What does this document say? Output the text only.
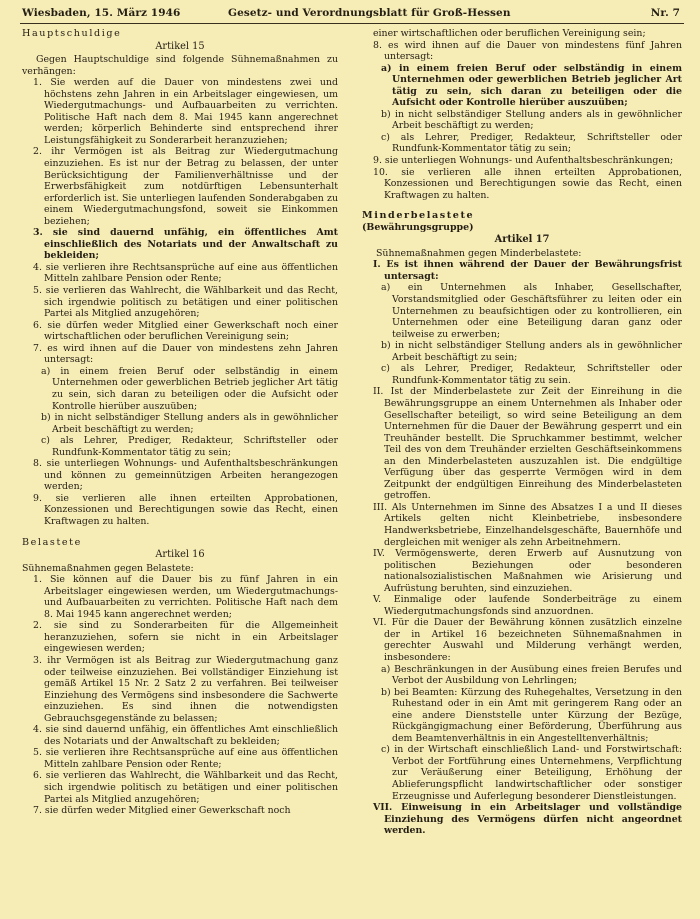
Wiesbaden, 15. März 1946	Gesetz- und Verordnungsblatt für Groß-Hessen	Nr. 7

Hauptschuldige

Artikel 15

Gegen Hauptschuldige sind folgende Sühnemaßnahmen zu verhängen:

1. Sie werden auf die Dauer von mindestens zwei und höchstens zehn Jahren in ein Arbeitslager eingewiesen, um Wiedergutmachungs- und Aufbauarbeiten zu verrichten. Politische Haft nach dem 8. Mai 1945 kann angerechnet werden; körperlich Behinderte sind entsprechend ihrer Leistungsfähigkeit zu Sonderarbeit heranzuziehen;

2. ihr Vermögen ist als Beitrag zur Wiedergutmachung einzuziehen. Es ist nur der Betrag zu belassen, der unter Berücksichtigung der Familienverhältnisse und der Erwerbsfähigkeit zum notdürftigen Lebensunterhalt erforderlich ist. Sie unterliegen laufenden Sonderabgaben zu einem Wiedergutmachungsfond, soweit sie Einkommen beziehen;

3. sie sind dauernd unfähig, ein öffentliches Amt einschließlich des Notariats und der Anwaltschaft zu bekleiden;

4. sie verlieren ihre Rechtsansprüche auf eine aus öffentlichen Mitteln zahlbare Pension oder Rente;

5. sie verlieren das Wahlrecht, die Wählbarkeit und das Recht, sich irgendwie politisch zu betätigen und einer politischen Partei als Mitglied anzugehören;

6. sie dürfen weder Mitglied einer Gewerkschaft noch einer wirtschaftlichen oder beruflichen Vereinigung sein;

7. es wird ihnen auf die Dauer von mindestens zehn Jahren untersagt:

a) in einem freien Beruf oder selbständig in einem Unternehmen oder gewerblichen Betrieb jeglicher Art tätig zu sein, sich daran zu beteiligen oder die Aufsicht oder Kontrolle hierüber auszuüben;

b) in nicht selbständiger Stellung anders als in gewöhnlicher Arbeit beschäftigt zu werden;

c) als Lehrer, Prediger, Redakteur, Schriftsteller oder Rundfunk-Kommentator tätig zu sein;

8. sie unterliegen Wohnungs- und Aufenthaltsbeschränkungen und können zu gemeinnützigen Arbeiten herangezogen werden;

9. sie verlieren alle ihnen erteilten Approbationen, Konzessionen und Berechtigungen sowie das Recht, einen Kraftwagen zu halten.

Belastete

Artikel 16

Sühnemaßnahmen gegen Belastete:

1. Sie können auf die Dauer bis zu fünf Jahren in ein Arbeitslager eingewiesen werden, um Wiedergutmachungs- und Aufbauarbeiten zu verrichten. Politische Haft nach dem 8. Mai 1945 kann angerechnet werden;

2. sie sind zu Sonderarbeiten für die Allgemeinheit heranzuziehen, sofern sie nicht in ein Arbeitslager eingewiesen werden;

3. ihr Vermögen ist als Beitrag zur Wiedergutmachung ganz oder teilweise einzuziehen. Bei vollständiger Einziehung ist gemäß Artikel 15 Nr. 2 Satz 2 zu verfahren. Bei teilweiser Einziehung des Vermögens sind insbesondere die Sachwerte einzuziehen. Es sind ihnen die notwendigsten Gebrauchsgegenstände zu belassen;

4. sie sind dauernd unfähig, ein öffentliches Amt einschließlich des Notariats und der Anwaltschaft zu bekleiden;

5. sie verlieren ihre Rechtsansprüche auf eine aus öffentlichen Mitteln zahlbare Pension oder Rente;

6. sie verlieren das Wahlrecht, die Wählbarkeit und das Recht, sich irgendwie politisch zu betätigen und einer politischen Partei als Mitglied anzugehören;

7. sie dürfen weder Mitglied einer Gewerkschaft noch

einer wirtschaftlichen oder beruflichen Vereinigung sein;

8. es wird ihnen auf die Dauer von mindestens fünf Jahren untersagt:

a) in einem freien Beruf oder selbständig in einem Unternehmen oder gewerblichen Betrieb jeglicher Art tätig zu sein, sich daran zu beteiligen oder die Aufsicht oder Kontrolle hierüber auszuüben;

b) in nicht selbständiger Stellung anders als in gewöhnlicher Arbeit beschäftigt zu werden;

c) als Lehrer, Prediger, Redakteur, Schriftsteller oder Rundfunk-Kommentator tätig zu sein;

9. sie unterliegen Wohnungs- und Aufenthaltsbeschränkungen;

10. sie verlieren alle ihnen erteilten Approbationen, Konzessionen und Berechtigungen sowie das Recht, einen Kraftwagen zu halten.

Minderbelastete

(Bewährungsgruppe)

Artikel 17

Sühnemaßnahmen gegen Minderbelastete:

I. Es ist ihnen während der Dauer der Bewährungsfrist untersagt:

a) ein Unternehmen als Inhaber, Gesellschafter, Vorstandsmitglied oder Geschäftsführer zu leiten oder ein Unternehmen zu beaufsichtigen oder zu kontrollieren, ein Unternehmen oder eine Beteiligung daran ganz oder teilweise zu erwerben;

b) in nicht selbständiger Stellung anders als in gewöhnlicher Arbeit beschäftigt zu sein;

c) als Lehrer, Prediger, Redakteur, Schriftsteller oder Rundfunk-Kommentator tätig zu sein.

II. Ist der Minderbelastete zur Zeit der Einreihung in die Bewährungsgruppe an einem Unternehmen als Inhaber oder Gesellschafter beteiligt, so wird seine Beteiligung an dem Unternehmen für die Dauer der Bewährung gesperrt und ein Treuhänder bestellt. Die Spruchkammer bestimmt, welcher Teil des von dem Treuhänder erzielten Geschäftseinkommens an den Minderbelasteten auszuzahlen ist. Die endgültige Verfügung über das gesperrte Vermögen wird in dem Zeitpunkt der endgültigen Einreihung des Minderbelasteten getroffen.

III. Als Unternehmen im Sinne des Absatzes I a und II dieses Artikels gelten nicht Kleinbetriebe, insbesondere Handwerksbetriebe, Einzelhandelsgeschäfte, Bauernhöfe und dergleichen mit weniger als zehn Arbeitnehmern.

IV. Vermögenswerte, deren Erwerb auf Ausnutzung von politischen Beziehungen oder besonderen nationalsozialistischen Maßnahmen wie Arisierung und Aufrüstung beruhten, sind einzuziehen.

V. Einmalige oder laufende Sonderbeiträge zu einem Wiedergutmachungsfonds sind anzuordnen.

VI. Für die Dauer der Bewährung können zusätzlich einzelne der in Artikel 16 bezeichneten Sühnemaßnahmen in gerechter Auswahl und Milderung verhängt werden, insbesondere:

a) Beschränkungen in der Ausübung eines freien Berufes und Verbot der Ausbildung von Lehrlingen;

b) bei Beamten: Kürzung des Ruhegehaltes, Versetzung in den Ruhestand oder in ein Amt mit geringerem Rang oder an eine andere Dienststelle unter Kürzung der Bezüge, Rückgängigmachung einer Beförderung, Überführung aus dem Beamtenverhältnis in ein Angestelltenverhältnis;

c) in der Wirtschaft einschließlich Land- und Forstwirtschaft: Verbot der Fortführung eines Unternehmens, Verpflichtung zur Veräußerung einer Beteiligung, Erhöhung der Ablieferungspflicht landwirtschaftlicher oder sonstiger Erzeugnisse und Auferlegung besonderer Dienstleistungen.

VII. Einweisung in ein Arbeitslager und vollständige Einziehung des Vermögens dürfen nicht angeordnet werden.
